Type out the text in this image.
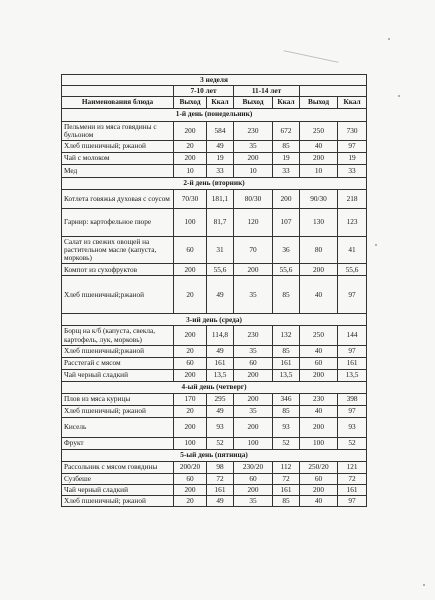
3 неделя						
	7-10 лет		11-14 лет			
Наименования блюда	Выход	Ккал	Выход	Ккал	Выход	Ккал
1-й день (понедельник)						
Пельмени из мяса говядины с бульоном	200	584	230	672	250	730
Хлеб пшеничный; ржаной	20	49	35	85	40	97
Чай с молоком	200	19	200	19	200	19
Мед	10	33	10	33	10	33
2-й день (вторник)						
Котлета говяжья духовая с соусом	70/30	181,1	80/30	200	90/30	218
Гарнир: картофельное пюре	100	81,7	120	107	130	123
Салат из свежих овощей на растительном масле (капуста, морковь)	60	31	70	36	80	41
Компот из сухофруктов	200	55,6	200	55,6	200	55,6
Хлеб пшеничный;ржаной	20	49	35	85	40	97
3-ий день (среда)						
Борщ на к/б (капуста, свекла, картофель, лук, морковь)	200	114,8	230	132	250	144
Хлеб пшеничный;ржаной	20	49	35	85	40	97
Расстегай с мясом	60	161	60	161	60	161
Чай черный сладкий	200	13,5	200	13,5	200	13,5
4-ый день (четверг)						
Плов из мяса курицы	170	295	200	346	230	398
Хлеб пшеничный; ржаной	20	49	35	85	40	97
Кисель	200	93	200	93	200	93
Фрукт	100	52	100	52	100	52
5-ый день (пятница)						
Рассольник с мясом говядины	200/20	98	230/20	112	250/20	121
Сузбеше	60	72	60	72	60	72
Чай черный сладкий	200	161	200	161	200	161
Хлеб пшеничный; ржаной	20	49	35	85	40	97
